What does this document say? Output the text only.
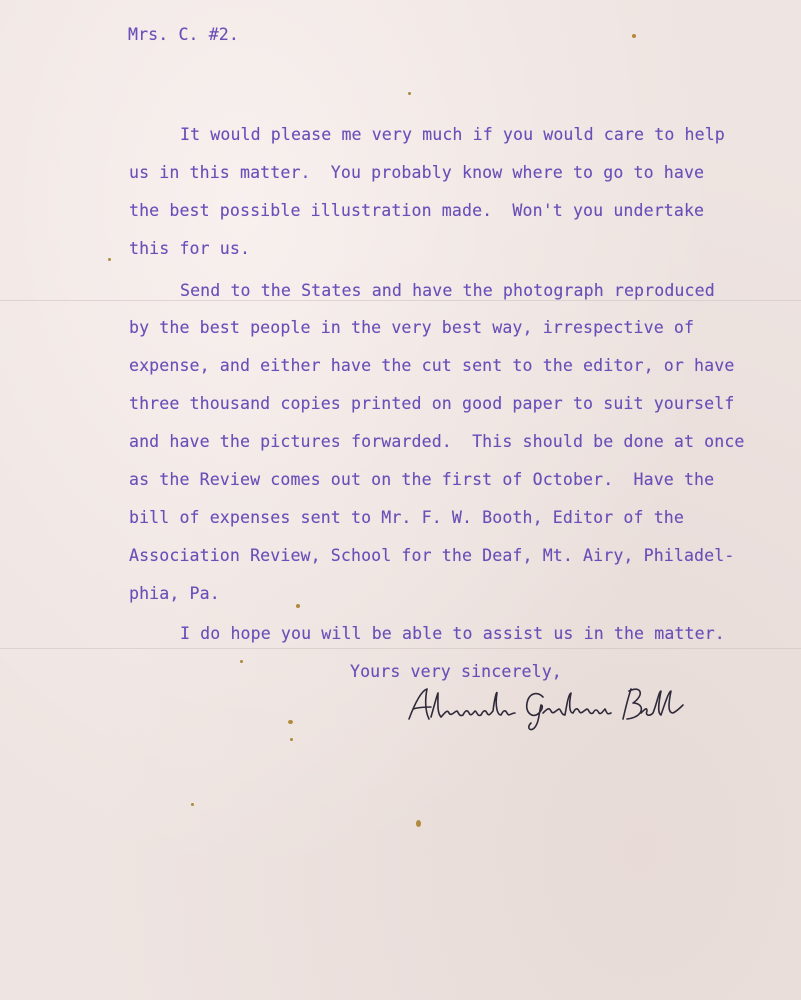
Mrs. C. #2.
It would please me very much if you would care to help
us in this matter.  You probably know where to go to have
the best possible illustration made.  Won't you undertake
this for us.
Send to the States and have the photograph reproduced
by the best people in the very best way, irrespective of
expense, and either have the cut sent to the editor, or have
three thousand copies printed on good paper to suit yourself
and have the pictures forwarded.  This should be done at once
as the Review comes out on the first of October.  Have the
bill of expenses sent to Mr. F. W. Booth, Editor of the
Association Review, School for the Deaf, Mt. Airy, Philadel-
phia, Pa.
I do hope you will be able to assist us in the matter.
Yours very sincerely,
